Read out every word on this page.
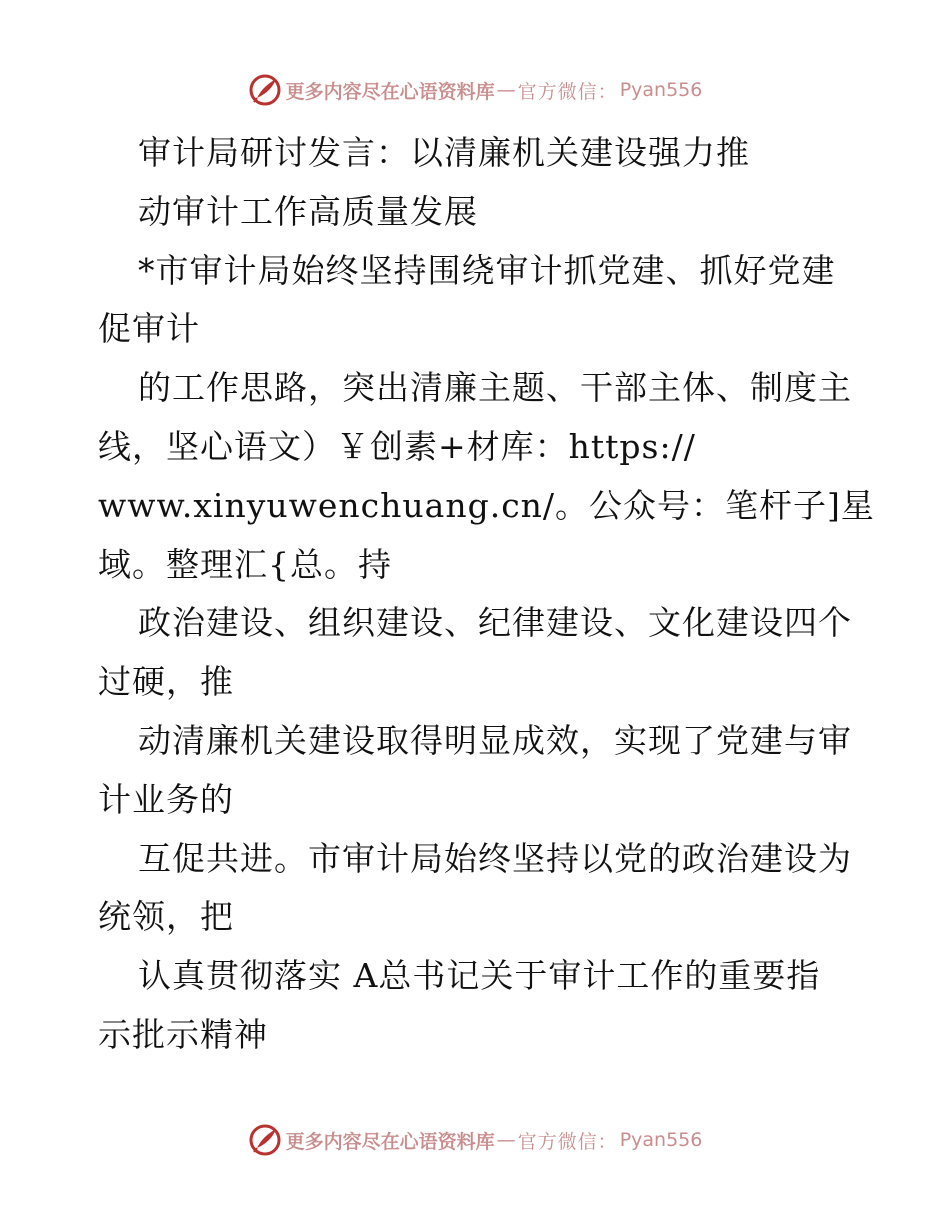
更多内容尽在心语资料库 — 官方微信： Pyan556
审计局研讨发言：以清廉机关建设强力推
动审计工作高质量发展
*市审计局始终坚持围绕审计抓党建、抓好党建
促审计
的工作思路，突出清廉主题、干部主体、制度主
线，坚心语文）￥创素+材库：https://
www.xinyuwenchuang.cn/。公众号：笔杆子]星
域。整理汇{总。持
政治建设、组织建设、纪律建设、文化建设四个
过硬，推
动清廉机关建设取得明显成效，实现了党建与审
计业务的
互促共进。市审计局始终坚持以党的政治建设为
统领，把
认真贯彻落实 A总书记关于审计工作的重要指
示批示精神
更多内容尽在心语资料库 — 官方微信： Pyan556
